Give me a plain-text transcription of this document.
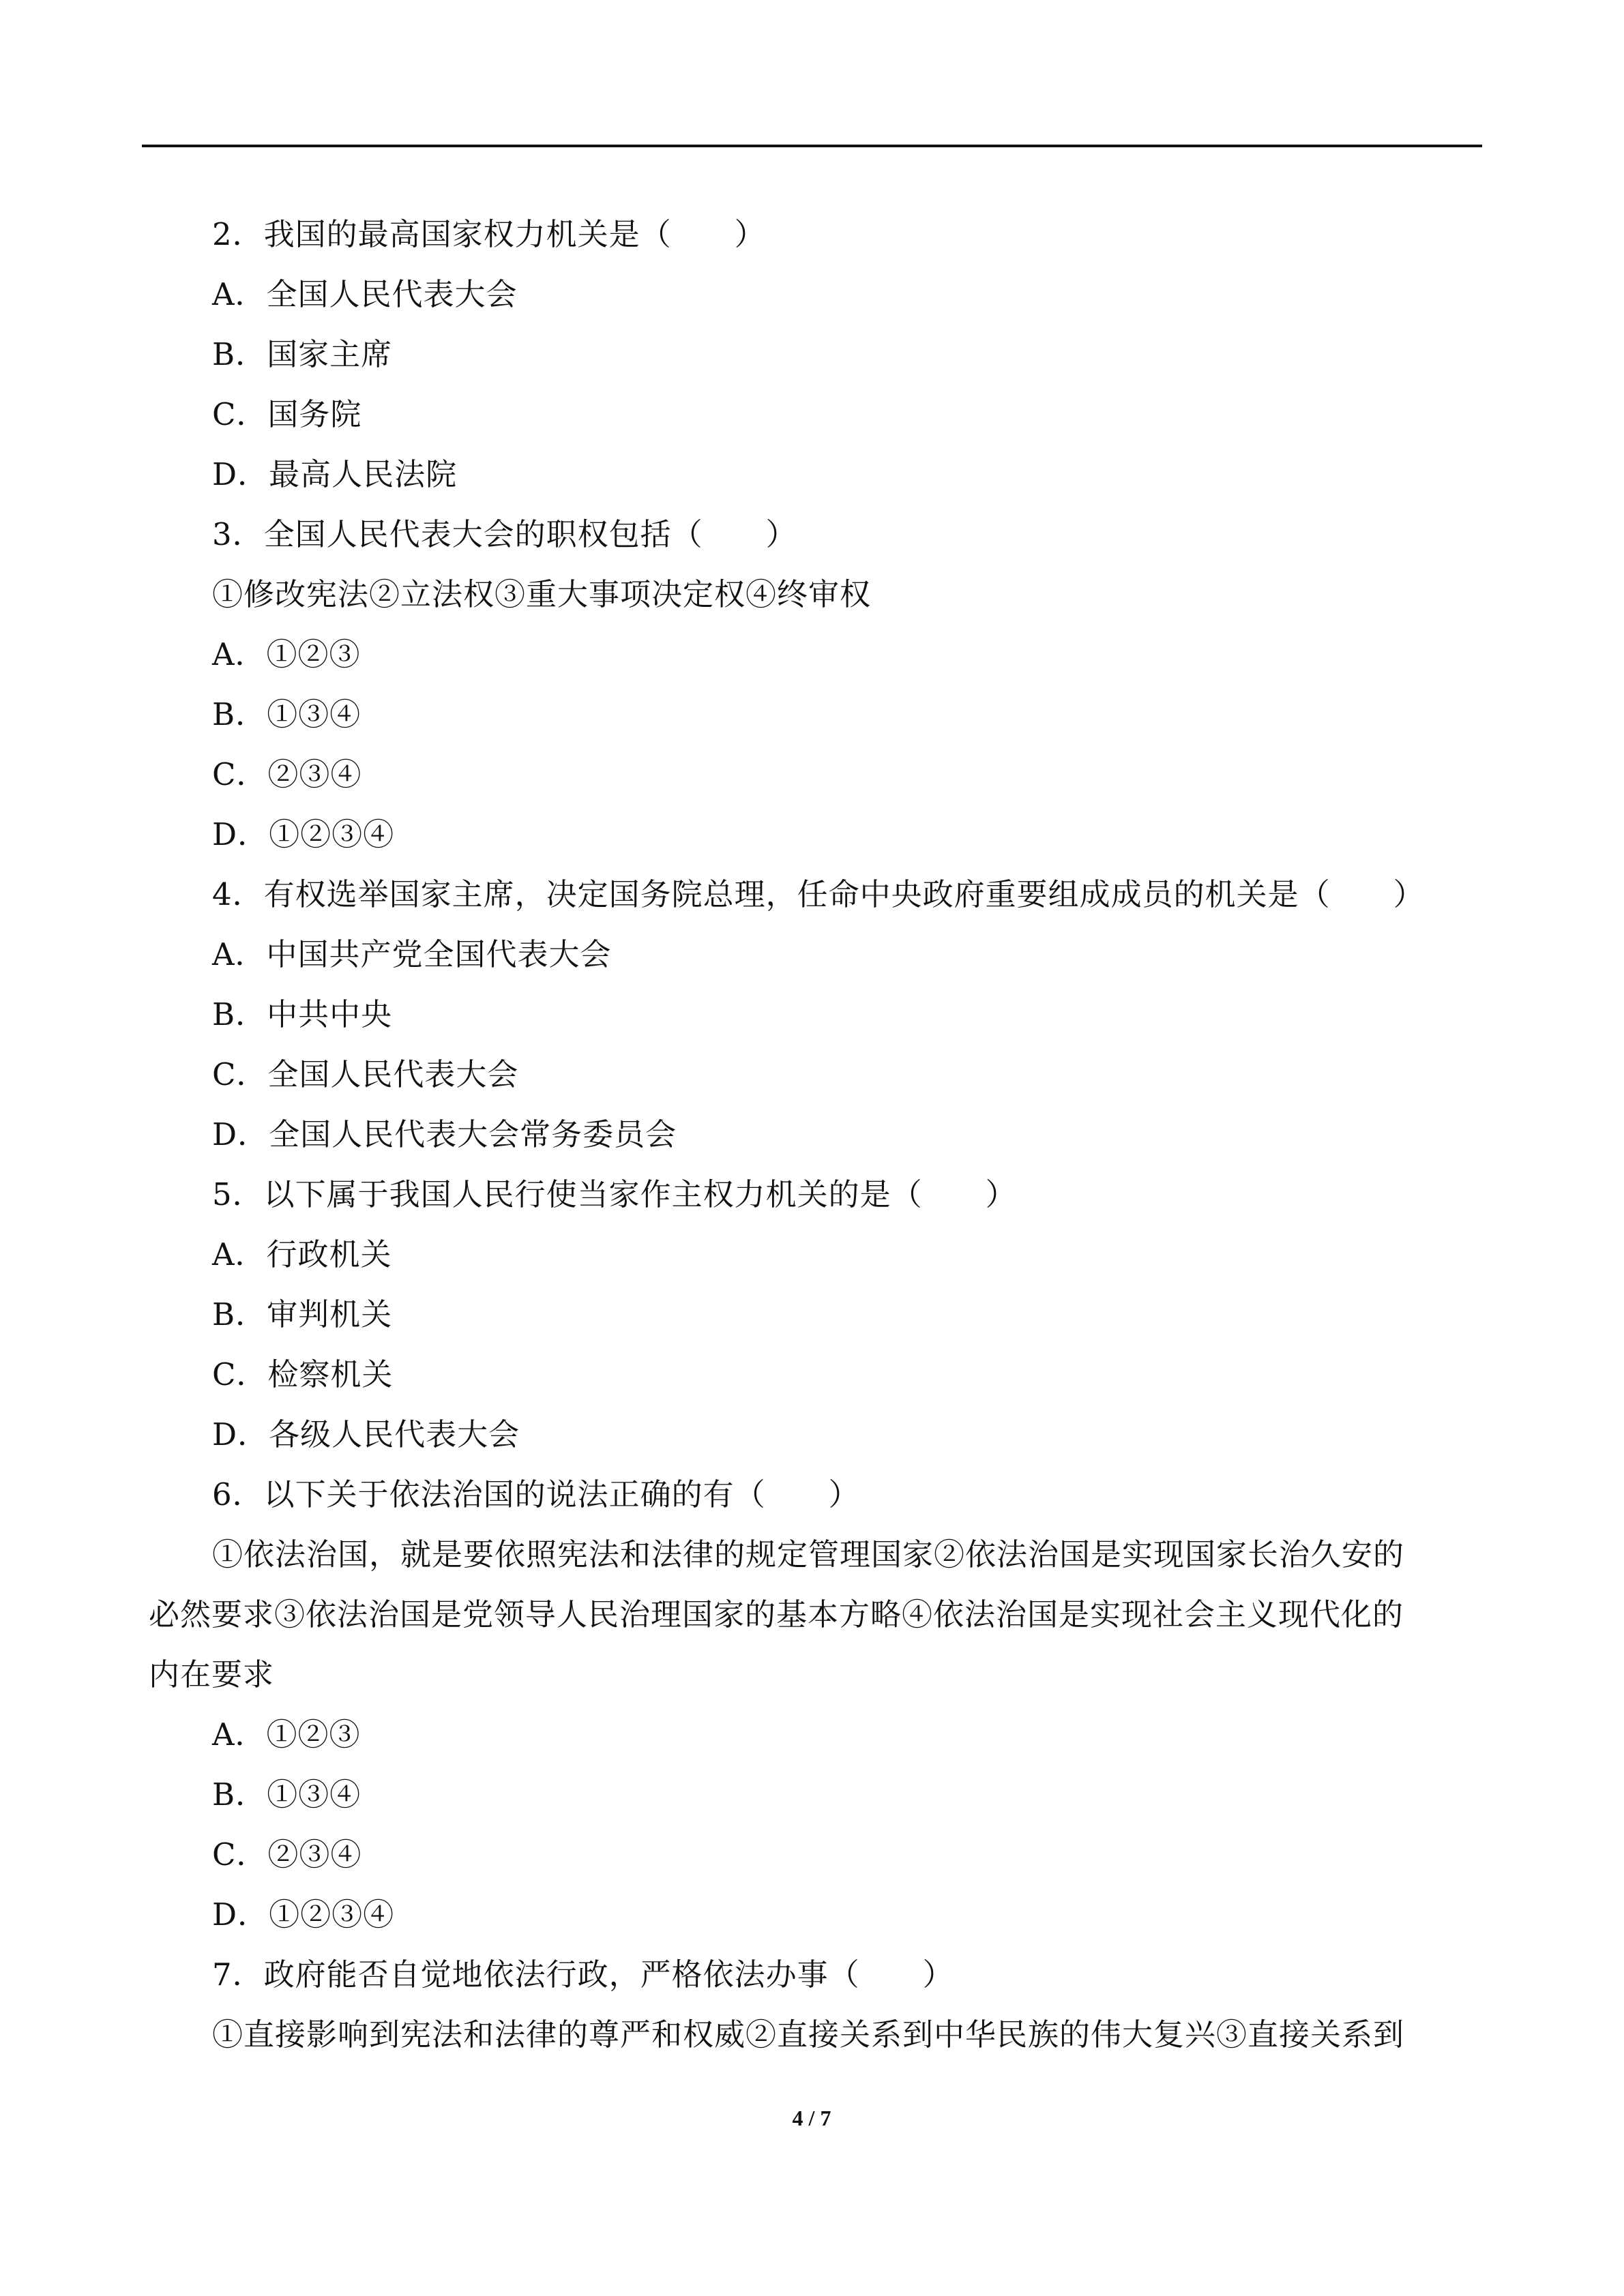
2．我国的最高国家权力机关是（　　）
A．全国人民代表大会
B．国家主席
C．国务院
D．最高人民法院
3．全国人民代表大会的职权包括（　　）
①修改宪法②立法权③重大事项决定权④终审权
A．①②③
B．①③④
C．②③④
D．①②③④
4．有权选举国家主席，决定国务院总理，任命中央政府重要组成成员的机关是（　　）
A．中国共产党全国代表大会
B．中共中央
C．全国人民代表大会
D．全国人民代表大会常务委员会
5．以下属于我国人民行使当家作主权力机关的是（　　）
A．行政机关
B．审判机关
C．检察机关
D．各级人民代表大会
6．以下关于依法治国的说法正确的有（　　）
①依法治国，就是要依照宪法和法律的规定管理国家②依法治国是实现国家长治久安的
必然要求③依法治国是党领导人民治理国家的基本方略④依法治国是实现社会主义现代化的
内在要求
A．①②③
B．①③④
C．②③④
D．①②③④
7．政府能否自觉地依法行政，严格依法办事（　　）
①直接影响到宪法和法律的尊严和权威②直接关系到中华民族的伟大复兴③直接关系到
4 / 7
